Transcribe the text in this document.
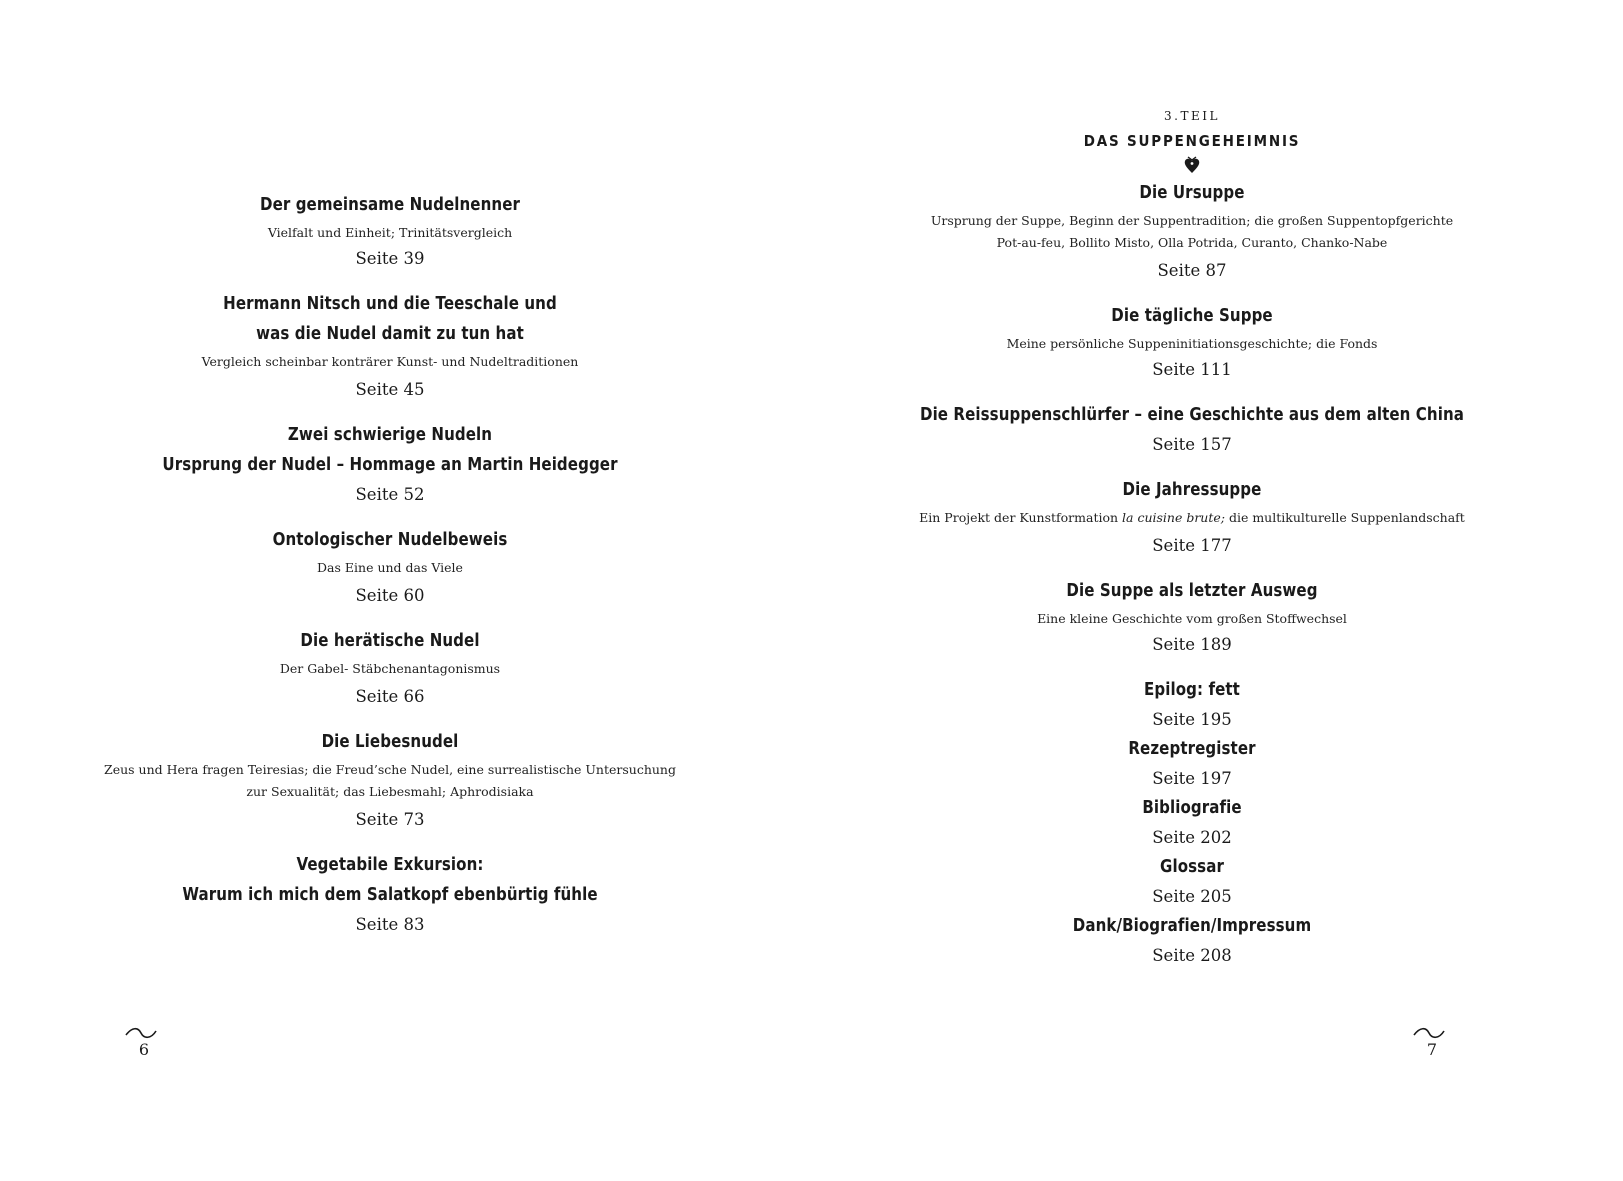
Der gemeinsame Nudelnenner
Vielfalt und Einheit; Trinitätsvergleich
Seite 39
Hermann Nitsch und die Teeschale und
was die Nudel damit zu tun hat
Vergleich scheinbar konträrer Kunst- und Nudeltraditionen
Seite 45
Zwei schwierige Nudeln
Ursprung der Nudel – Hommage an Martin Heidegger
Seite 52
Ontologischer Nudelbeweis
Das Eine und das Viele
Seite 60
Die herätische Nudel
Der Gabel- Stäbchenantagonismus
Seite 66
Die Liebesnudel
Zeus und Hera fragen Teiresias; die Freud’sche Nudel, eine surrealistische Untersuchung
zur Sexualität; das Liebesmahl; Aphrodisiaka
Seite 73
Vegetabile Exkursion:
Warum ich mich dem Salatkopf ebenbürtig fühle
Seite 83
6
3.TEIL
DAS SUPPENGEHEIMNIS
Die Ursuppe
Ursprung der Suppe, Beginn der Suppentradition; die großen Suppentopfgerichte
Pot-au-feu, Bollito Misto, Olla Potrida, Curanto, Chanko-Nabe
Seite 87
Die tägliche Suppe
Meine persönliche Suppeninitiationsgeschichte; die Fonds
Seite 111
Die Reissuppenschlürfer – eine Geschichte aus dem alten China
Seite 157
Die Jahressuppe
Ein Projekt der Kunstformation la cuisine brute; die multikulturelle Suppenlandschaft
Seite 177
Die Suppe als letzter Ausweg
Eine kleine Geschichte vom großen Stoffwechsel
Seite 189
Epilog: fett
Seite 195
Rezeptregister
Seite 197
Bibliografie
Seite 202
Glossar
Seite 205
Dank/Biografien/Impressum
Seite 208
7
